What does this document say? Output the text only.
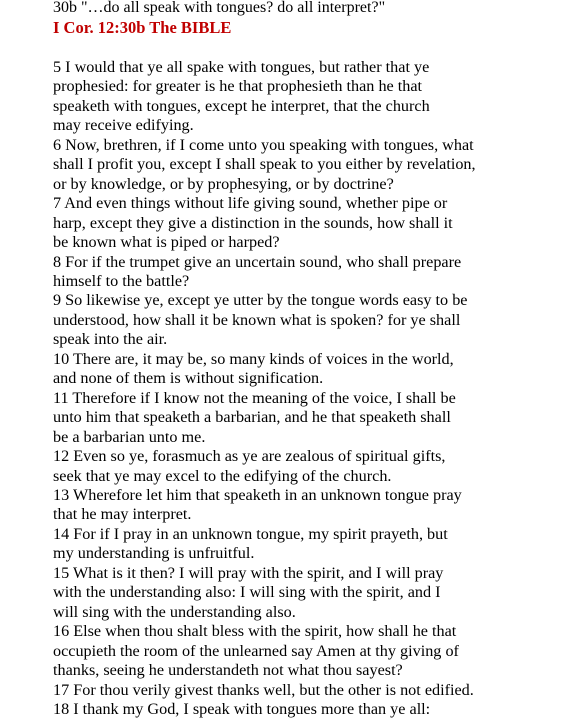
30b "…do all speak with tongues? do all interpret?"
I Cor. 12:30b The BIBLE
5 I would that ye all spake with tongues, but rather that ye
prophesied: for greater is he that prophesieth than he that
speaketh with tongues, except he interpret, that the church
may receive edifying.
6 Now, brethren, if I come unto you speaking with tongues, what
shall I profit you, except I shall speak to you either by revelation,
or by knowledge, or by prophesying, or by doctrine?
7 And even things without life giving sound, whether pipe or
harp, except they give a distinction in the sounds, how shall it
be known what is piped or harped?
8 For if the trumpet give an uncertain sound, who shall prepare
himself to the battle?
9 So likewise ye, except ye utter by the tongue words easy to be
understood, how shall it be known what is spoken? for ye shall
speak into the air.
10 There are, it may be, so many kinds of voices in the world,
and none of them is without signification.
11 Therefore if I know not the meaning of the voice, I shall be
unto him that speaketh a barbarian, and he that speaketh shall
be a barbarian unto me.
12 Even so ye, forasmuch as ye are zealous of spiritual gifts,
seek that ye may excel to the edifying of the church.
13 Wherefore let him that speaketh in an unknown tongue pray
that he may interpret.
14 For if I pray in an unknown tongue, my spirit prayeth, but
my understanding is unfruitful.
15 What is it then? I will pray with the spirit, and I will pray
with the understanding also: I will sing with the spirit, and I
will sing with the understanding also.
16 Else when thou shalt bless with the spirit, how shall he that
occupieth the room of the unlearned say Amen at thy giving of
thanks, seeing he understandeth not what thou sayest?
17 For thou verily givest thanks well, but the other is not edified.
18 I thank my God, I speak with tongues more than ye all:
